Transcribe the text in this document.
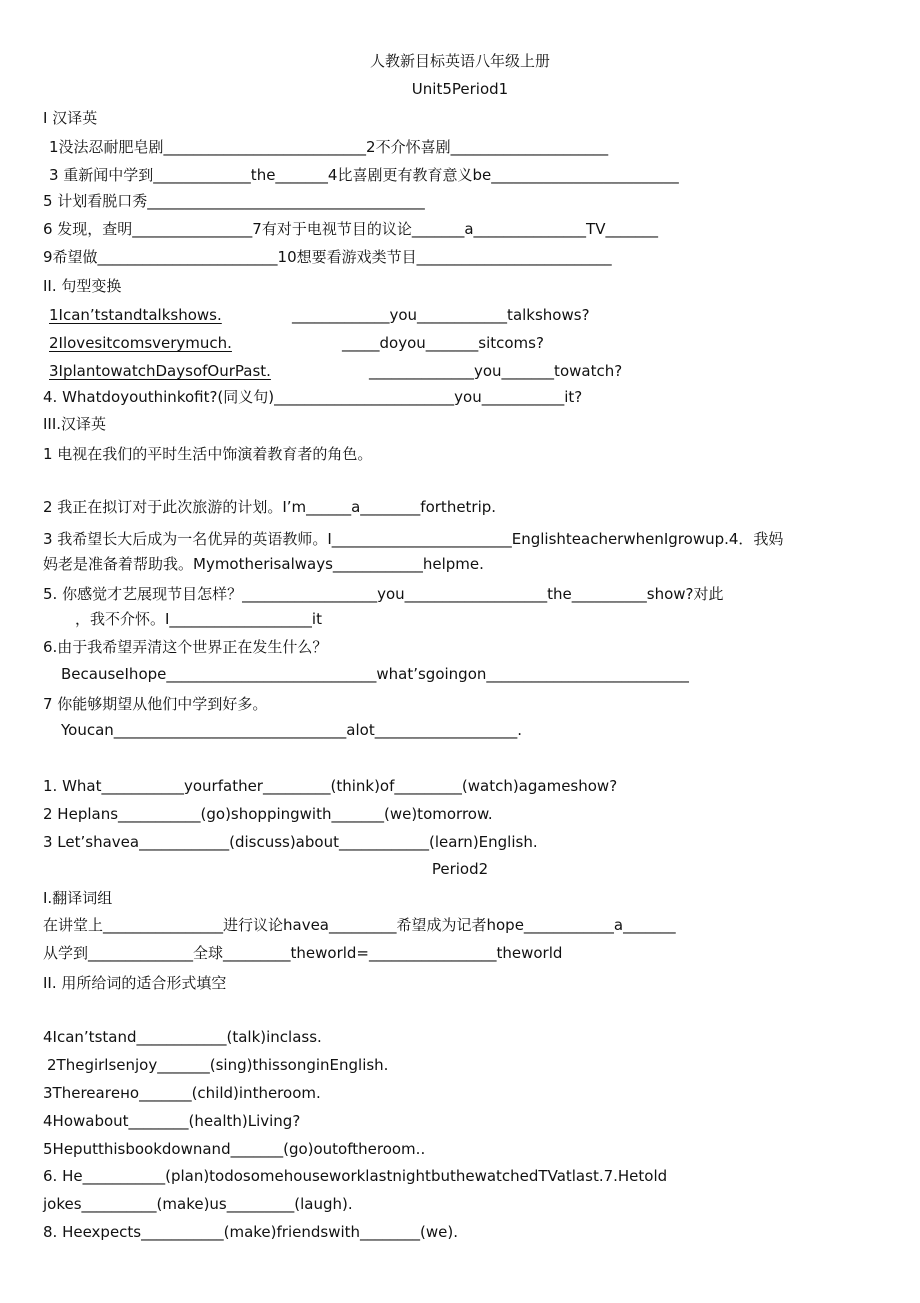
人教新目标英语八年级上册
Unit5Period1
I 汉译英
1没法忍耐肥皂剧___________________________2不介怀喜剧_____________________
3 重新闻中学到_____________the_______4比喜剧更有教育意义be_________________________
5 计划看脱口秀_____________________________________
6 发现，查明________________7有对于电视节目的议论_______a_______________TV_______
9希望做________________________10想要看游戏类节目__________________________
II. 句型变换
1Ican’tstandtalkshows.	_____________you____________talkshows?
2Ilovesitcomsverymuch.	_____doyou_______sitcoms?
3IplantowatchDaysofOurPast.	______________you_______towatch?
4. Whatdoyouthinkofit?(同义句)________________________you___________it?
III.汉译英
1 电视在我们的平时生活中饰演着教育者的角色。
2 我正在拟订对于此次旅游的计划。I’m______a________forthetrip.
3 我希望长大后成为一名优异的英语教师。I________________________EnglishteacherwhenIgrowup.4．我妈
妈老是准备着帮助我。Mymotherisalways____________helpme.
5. 你感觉才艺展现节目怎样？__________________you___________________the__________show?对此
，我不介怀。I___________________it
6.由于我希望弄清这个世界正在发生什么？
BecauseIhope____________________________what’sgoingon___________________________
7 你能够期望从他们中学到好多。
Youcan_______________________________alot___________________.
1. What___________yourfather_________(think)of_________(watch)agameshow?
2 Heplans___________(go)shoppingwith_______(we)tomorrow.
3 Let’shavea____________(discuss)about____________(learn)English.
Period2
I.翻译词组
在讲堂上________________进行议论havea_________希望成为记者hope____________a_______
从学到______________全球_________theworld=_________________theworld
II. 用所给词的适合形式填空
4Ican’tstand____________(talk)inclass.
2Thegirlsenjoy_______(sing)thissonginEnglish.
3Therearено_______(child)intheroom.
4Howabout________(health)Living?
5Heputthisbookdownand_______(go)outoftheroom..
6. He___________(plan)todosomehouseworklastnightbuthewatchedTVatlast.7.Hetold
jokes__________(make)us_________(laugh).
8. Heexpects___________(make)friendswith________(we).
